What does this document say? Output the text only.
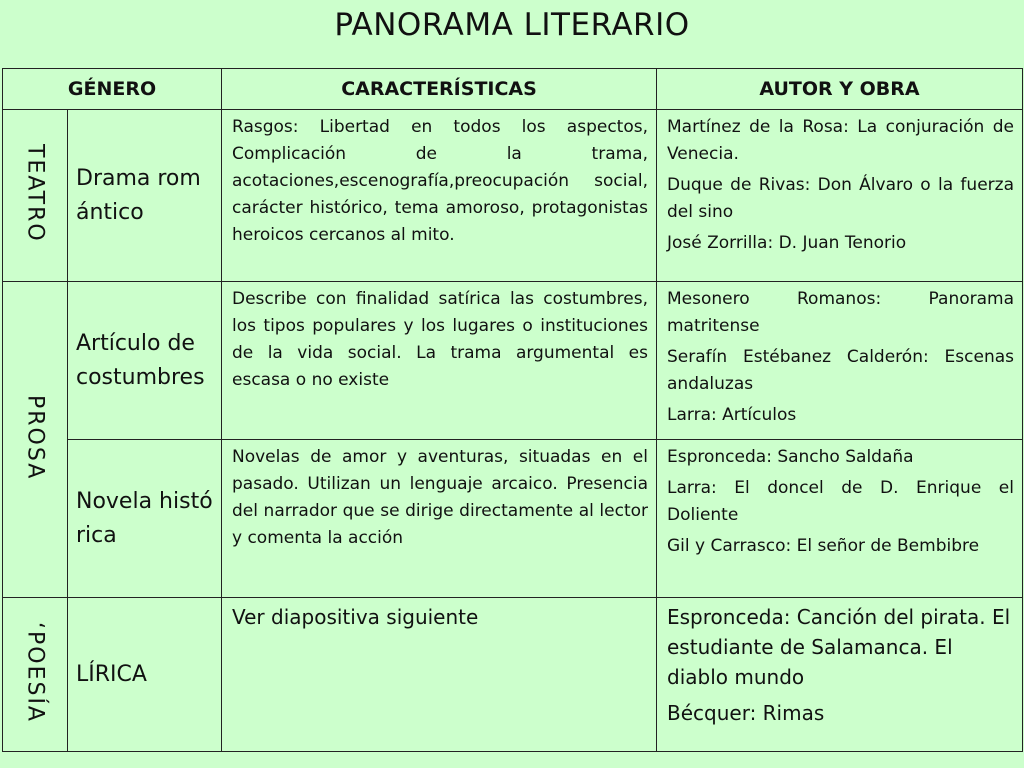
PANORAMA LITERARIO
GÉNERO		CARACTERÍSTICAS	AUTOR Y OBRA
TEATRO	Drama romántico	Rasgos: Libertad en todos los aspectos, Complicación de la trama, acotaciones,escenografía,preocupación social, carácter histórico, tema amoroso, protagonistas heroicos cercanos al mito.	Martínez de la Rosa: La conjuración de Venecia.

Duque de Rivas: Don Álvaro o la fuerza del sino

José Zorrilla: D. Juan Tenorio

PROSA	Artículo de costumbres	Describe con finalidad satírica las costumbres, los tipos populares y los lugares o instituciones de la vida social. La trama argumental es escasa o no existe	Mesonero Romanos: Panorama matritense

Serafín Estébanez Calderón: Escenas andaluzas

Larra: Artículos

	Novela histórica	Novelas de amor y aventuras, situadas en el pasado. Utilizan un lenguaje arcaico. Presencia del narrador que se dirige directamente al lector y comenta la acción	Espronceda: Sancho Saldaña

Larra: El doncel de D. Enrique el Doliente

Gil y Carrasco: El señor de Bembibre

‘POESÍA	LÍRICA	Ver diapositiva siguiente	Espronceda: Canción del pirata. El estudiante de Salamanca. El diablo mundo

Bécquer: Rimas
